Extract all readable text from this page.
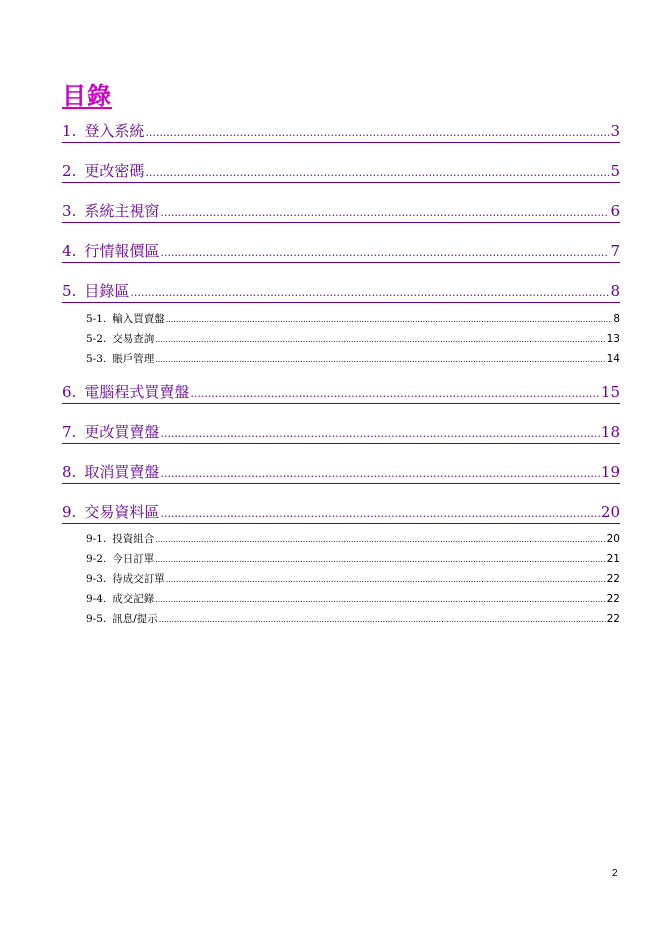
目錄
1. 登入系統 .....	3
2. 更改密碼 .....	5
3. 系統主視窗 .....	6
4. 行情報價區 .....	7
5. 目錄區 .....	8
5-1. 輸入買賣盤 .....	8
5-2. 交易查詢 .....	13
5-3. 賬戶管理 .....	14
6. 電腦程式買賣盤 .....	15
7. 更改買賣盤 .....	18
8. 取消買賣盤 .....	19
9. 交易資料區 .....	20
9-1. 投資組合 .....	20
9-2. 今日訂單 .....	21
9-3. 待成交訂單 .....	22
9-4. 成交記錄 .....	22
9-5. 訊息/提示 .....	22
2
